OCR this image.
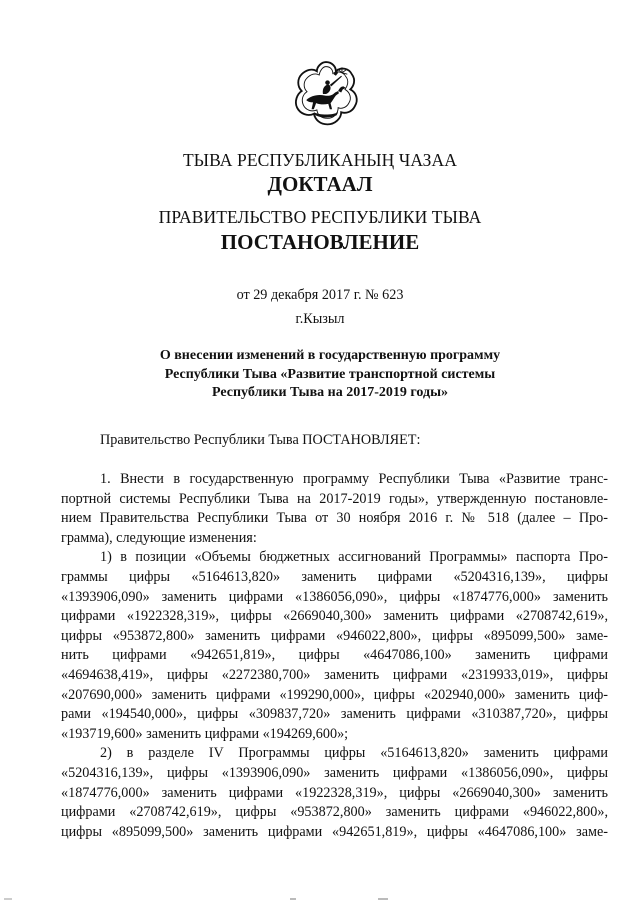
ТЫВА РЕСПУБЛИКАНЫҢ ЧАЗАА
ДОКТААЛ
ПРАВИТЕЛЬСТВО РЕСПУБЛИКИ ТЫВА
ПОСТАНОВЛЕНИЕ
от 29 декабря 2017 г. № 623
г.Кызыл
О внесении изменений в государственную программу
Республики Тыва «Развитие транспортной системы
Республики Тыва на 2017-2019 годы»
Правительство Республики Тыва ПОСТАНОВЛЯЕТ:
1. Внести в государственную программу Республики Тыва «Развитие транс-
портной системы Республики Тыва на 2017-2019 годы», утвержденную постановле-
нием Правительства Республики Тыва от 30 ноября 2016 г. № 518 (далее – Про-
грамма), следующие изменения:
1) в позиции «Объемы бюджетных ассигнований Программы» паспорта Про-
граммы цифры «5164613,820» заменить цифрами «5204316,139», цифры
«1393906,090» заменить цифрами «1386056,090», цифры «1874776,000» заменить
цифрами «1922328,319», цифры «2669040,300» заменить цифрами «2708742,619»,
цифры «953872,800» заменить цифрами «946022,800», цифры «895099,500» заме-
нить цифрами «942651,819», цифры «4647086,100» заменить цифрами
«4694638,419», цифры «2272380,700» заменить цифрами «2319933,019», цифры
«207690,000» заменить цифрами «199290,000», цифры «202940,000» заменить циф-
рами «194540,000», цифры «309837,720» заменить цифрами «310387,720», цифры
«193719,600» заменить цифрами «194269,600»;
2) в разделе IV Программы цифры «5164613,820» заменить цифрами
«5204316,139», цифры «1393906,090» заменить цифрами «1386056,090», цифры
«1874776,000» заменить цифрами «1922328,319», цифры «2669040,300» заменить
цифрами «2708742,619», цифры «953872,800» заменить цифрами «946022,800»,
цифры «895099,500» заменить цифрами «942651,819», цифры «4647086,100» заме-
